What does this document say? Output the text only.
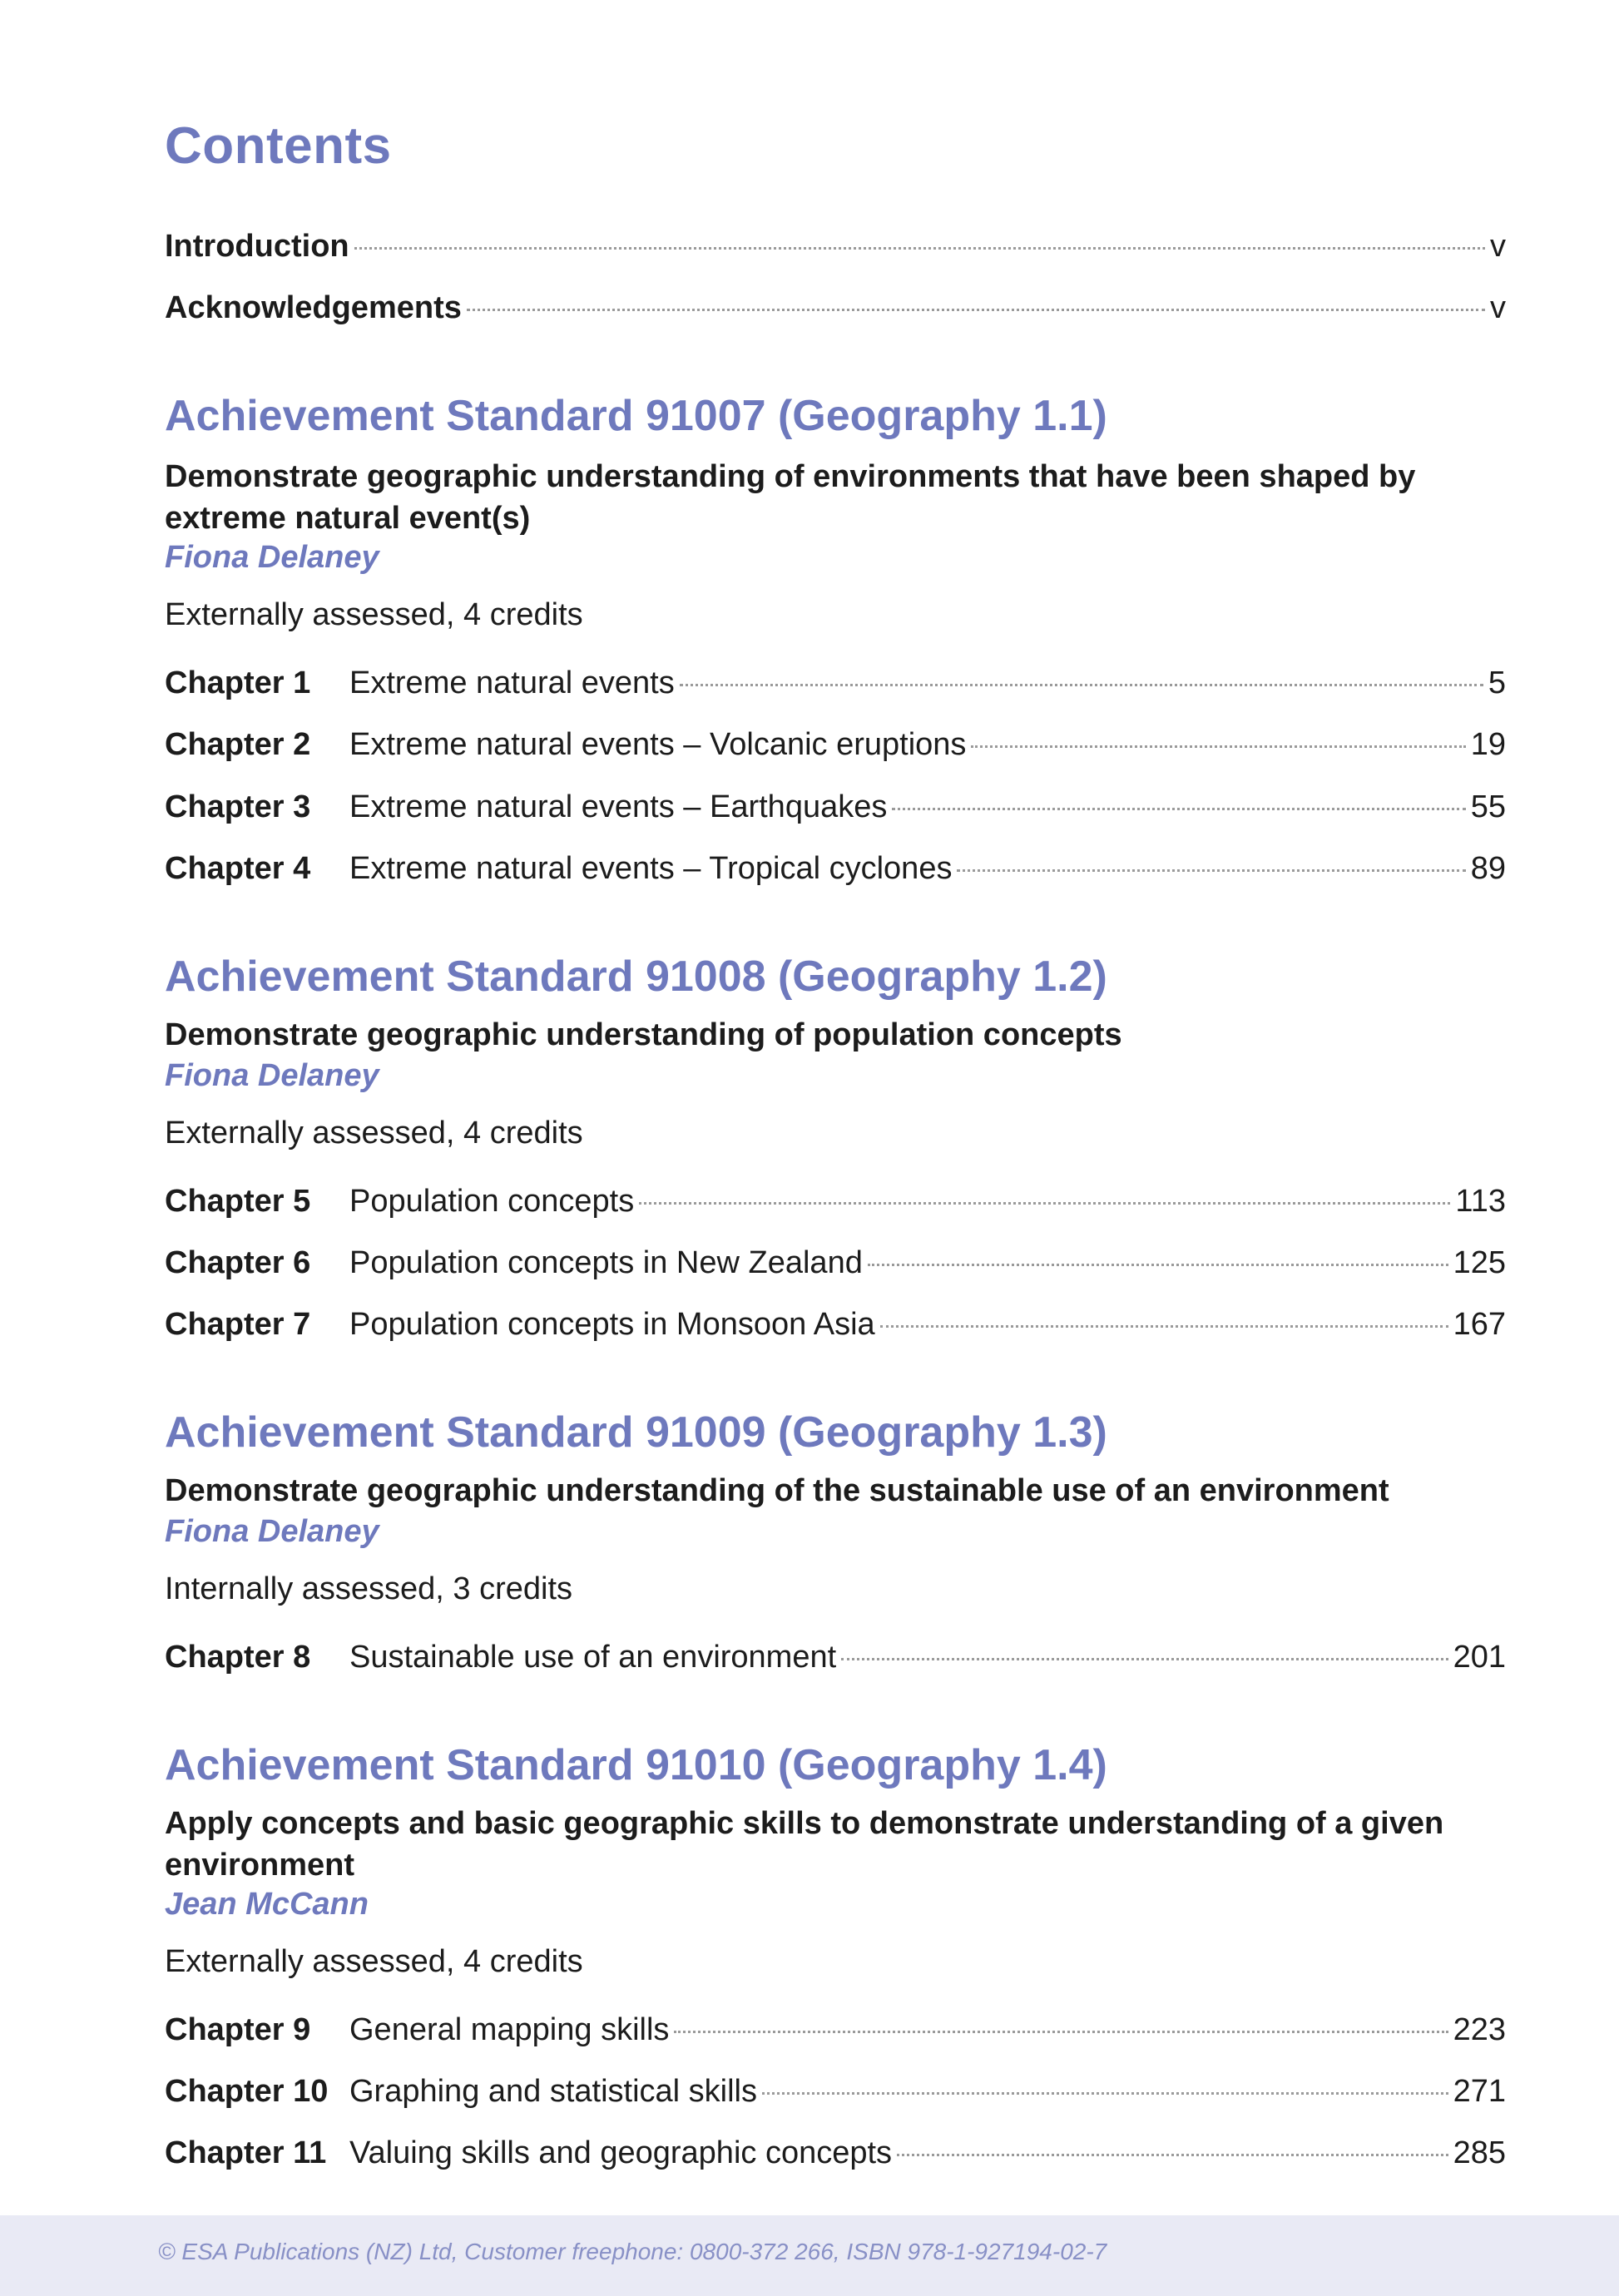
Contents
Introduction	v
Acknowledgements	v
Achievement Standard 91007 (Geography 1.1)
Demonstrate geographic understanding of environments that have been shaped by extreme natural event(s)
Fiona Delaney
Externally assessed, 4 credits
Chapter 1	Extreme natural events	5
Chapter 2	Extreme natural events – Volcanic eruptions	19
Chapter 3	Extreme natural events – Earthquakes	55
Chapter 4	Extreme natural events – Tropical cyclones	89
Achievement Standard 91008 (Geography 1.2)
Demonstrate geographic understanding of population concepts
Fiona Delaney
Externally assessed, 4 credits
Chapter 5	Population concepts	113
Chapter 6	Population concepts in New Zealand	125
Chapter 7	Population concepts in Monsoon Asia	167
Achievement Standard 91009 (Geography 1.3)
Demonstrate geographic understanding of the sustainable use of an environment
Fiona Delaney
Internally assessed, 3 credits
Chapter 8	Sustainable use of an environment	201
Achievement Standard 91010 (Geography 1.4)
Apply concepts and basic geographic skills to demonstrate understanding of a given environment
Jean McCann
Externally assessed, 4 credits
Chapter 9	General mapping skills	223
Chapter 10 Graphing and statistical skills	271
Chapter 11 Valuing skills and geographic concepts	285
© ESA Publications (NZ) Ltd, Customer freephone: 0800-372 266, ISBN 978-1-927194-02-7
